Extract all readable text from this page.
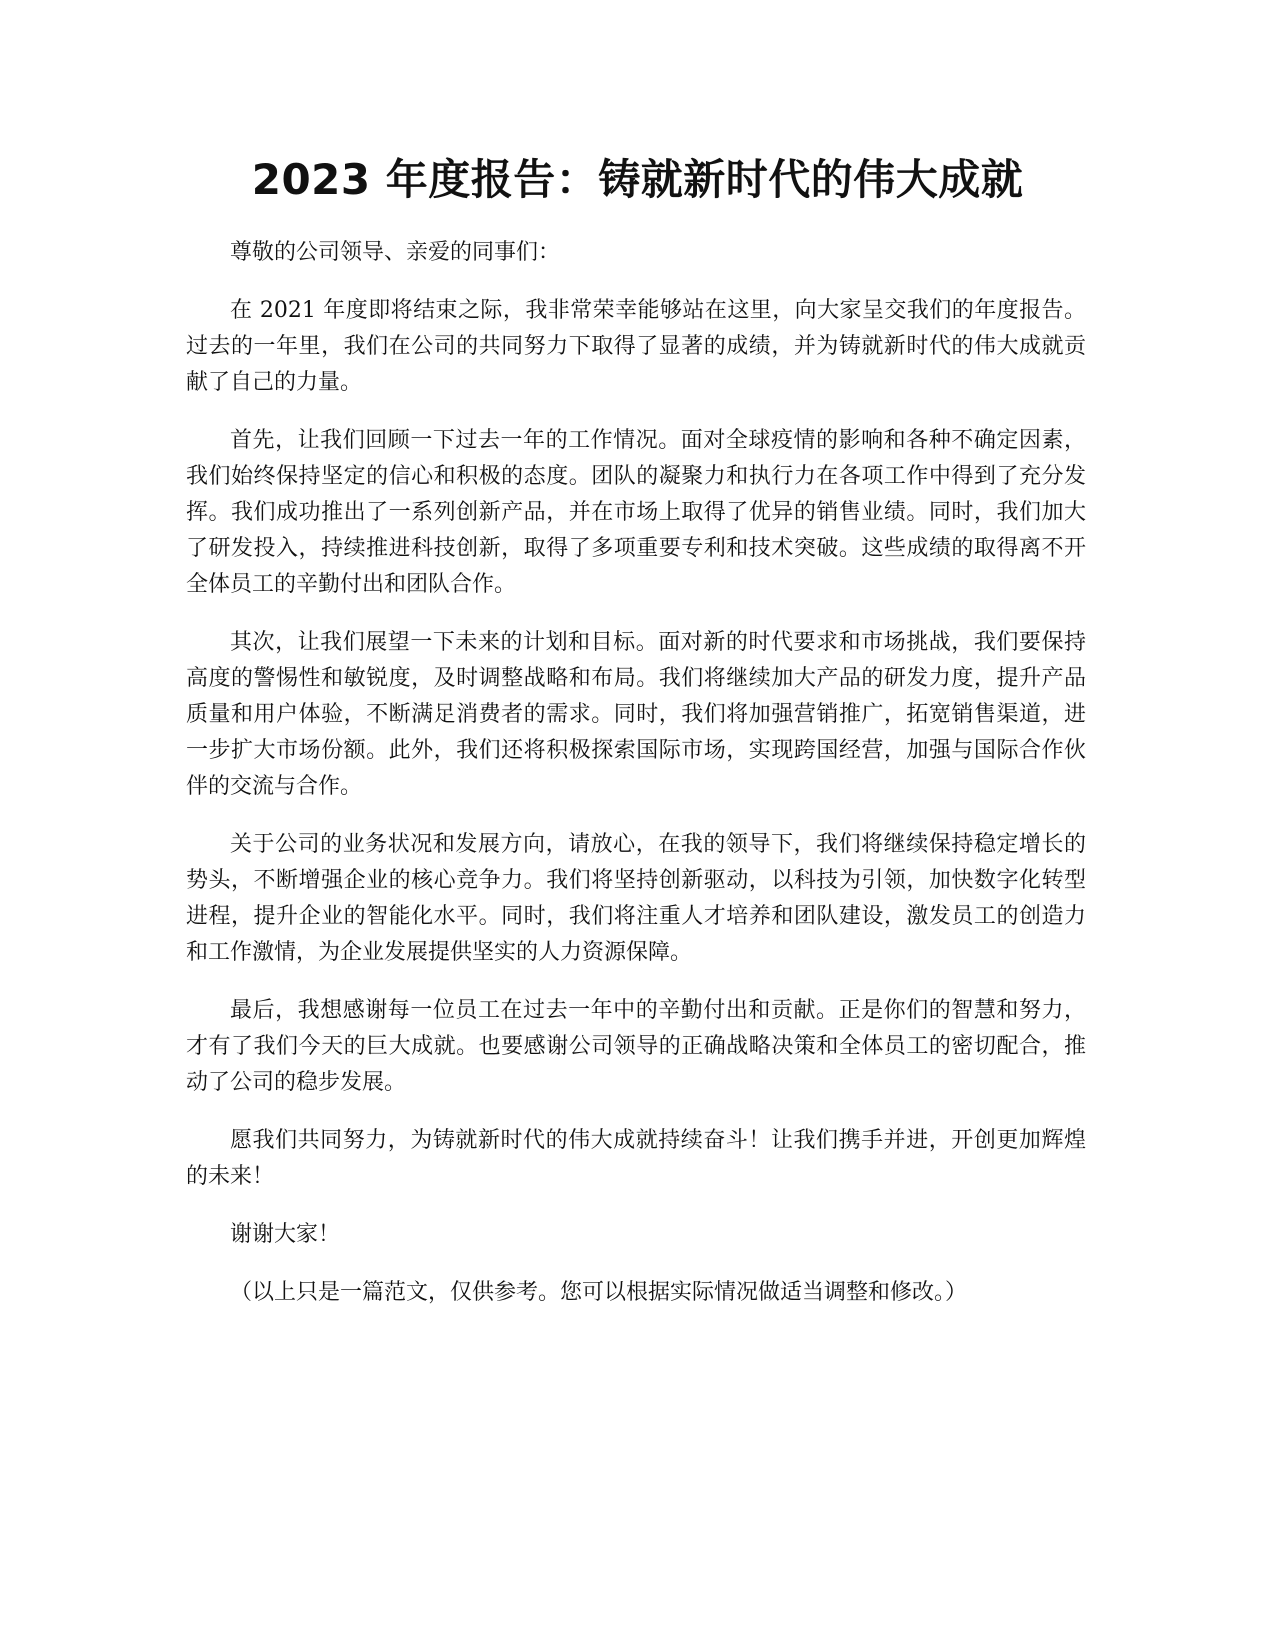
2023 年度报告：铸就新时代的伟大成就

尊敬的公司领导、亲爱的同事们：

在 2021 年度即将结束之际，我非常荣幸能够站在这里，向大家呈交我们的年度报告。过去的一年里，我们在公司的共同努力下取得了显著的成绩，并为铸就新时代的伟大成就贡献了自己的力量。

首先，让我们回顾一下过去一年的工作情况。面对全球疫情的影响和各种不确定因素，我们始终保持坚定的信心和积极的态度。团队的凝聚力和执行力在各项工作中得到了充分发挥。我们成功推出了一系列创新产品，并在市场上取得了优异的销售业绩。同时，我们加大了研发投入，持续推进科技创新，取得了多项重要专利和技术突破。这些成绩的取得离不开全体员工的辛勤付出和团队合作。

其次，让我们展望一下未来的计划和目标。面对新的时代要求和市场挑战，我们要保持高度的警惕性和敏锐度，及时调整战略和布局。我们将继续加大产品的研发力度，提升产品质量和用户体验，不断满足消费者的需求。同时，我们将加强营销推广，拓宽销售渠道，进一步扩大市场份额。此外，我们还将积极探索国际市场，实现跨国经营，加强与国际合作伙伴的交流与合作。

关于公司的业务状况和发展方向，请放心，在我的领导下，我们将继续保持稳定增长的势头，不断增强企业的核心竞争力。我们将坚持创新驱动，以科技为引领，加快数字化转型进程，提升企业的智能化水平。同时，我们将注重人才培养和团队建设，激发员工的创造力和工作激情，为企业发展提供坚实的人力资源保障。

最后，我想感谢每一位员工在过去一年中的辛勤付出和贡献。正是你们的智慧和努力，才有了我们今天的巨大成就。也要感谢公司领导的正确战略决策和全体员工的密切配合，推动了公司的稳步发展。

愿我们共同努力，为铸就新时代的伟大成就持续奋斗！让我们携手并进，开创更加辉煌的未来！

谢谢大家！

（以上只是一篇范文，仅供参考。您可以根据实际情况做适当调整和修改。）
